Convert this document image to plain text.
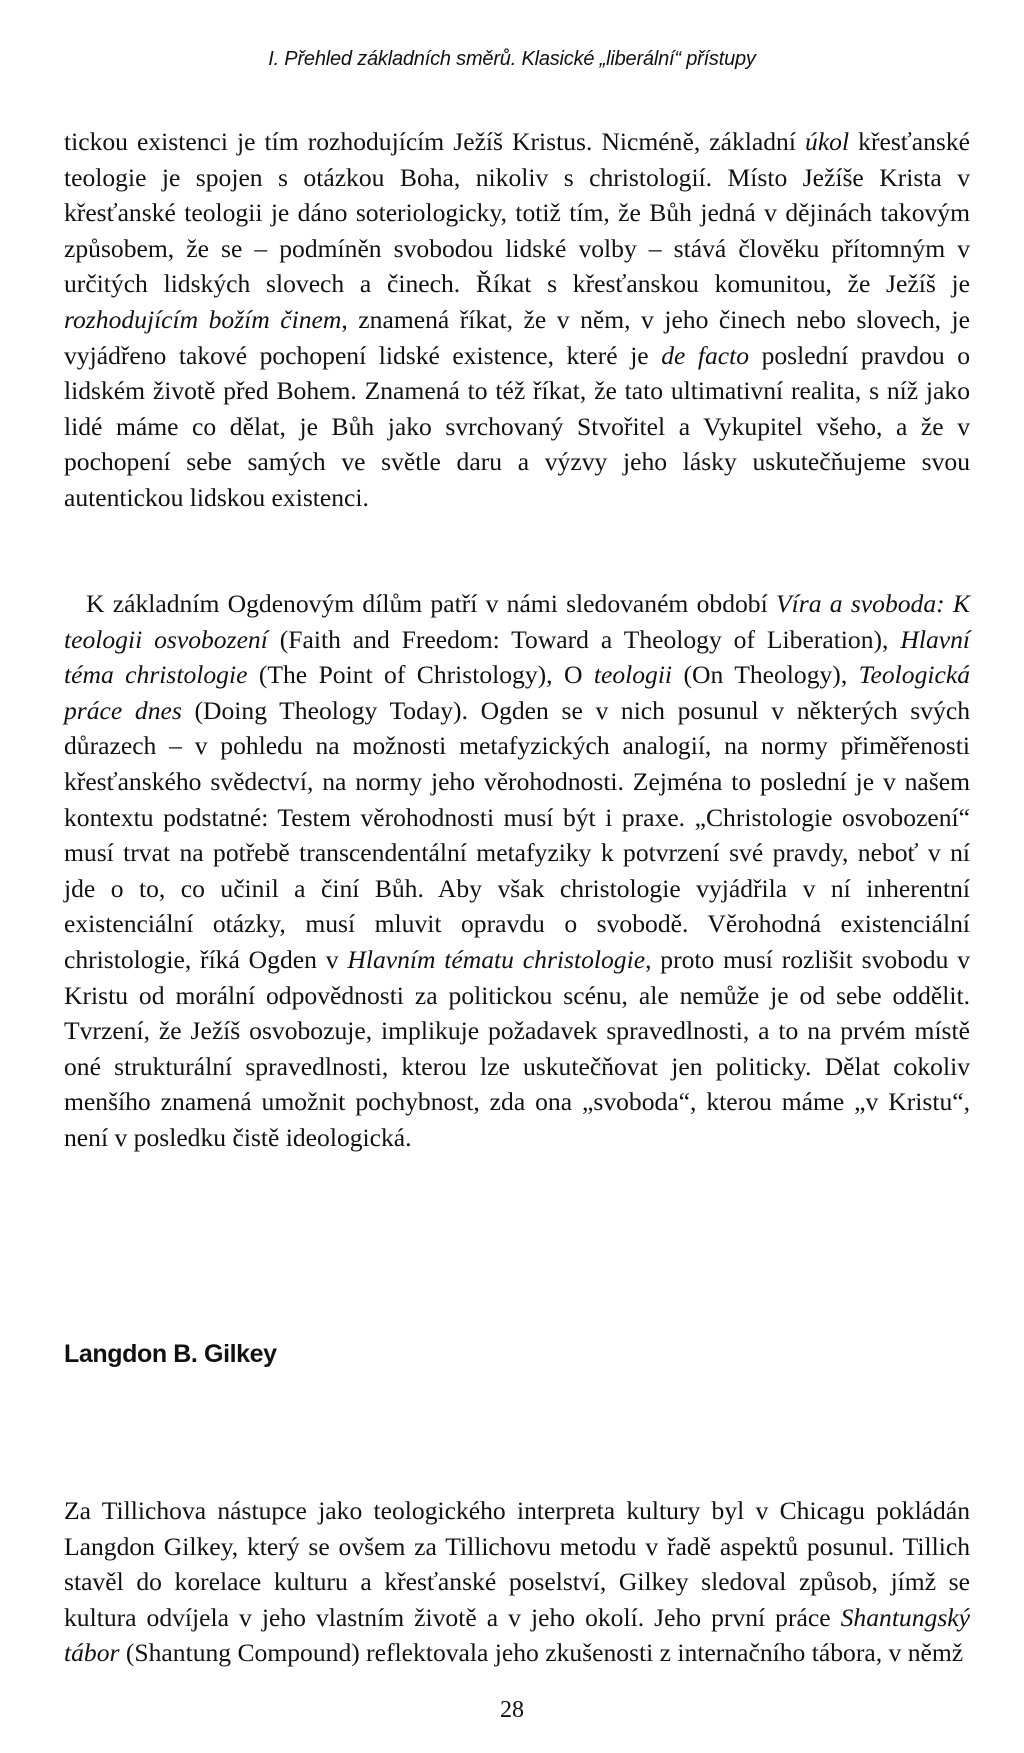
I. Přehled základních směrů. Klasické „liberální“ přístupy

tickou existenci je tím rozhodujícím Ježíš Kristus. Nicméně, základní úkol křesťanské teologie je spojen s otázkou Boha, nikoliv s christologií. Místo Ježíše Krista v křesťanské teologii je dáno soteriologicky, totiž tím, že Bůh jedná v dějinách takovým způsobem, že se – podmíněn svobodou lidské volby – stává člověku přítomným v určitých lidských slovech a činech. Říkat s křesťanskou komunitou, že Ježíš je rozhodujícím božím činem, znamená říkat, že v něm, v jeho činech nebo slovech, je vyjádřeno takové pochopení lidské existence, které je de facto poslední pravdou o lidském životě před Bohem. Znamená to též říkat, že tato ultimativní realita, s níž jako lidé máme co dělat, je Bůh jako svrchovaný Stvořitel a Vykupitel všeho, a že v pochopení sebe samých ve světle daru a výzvy jeho lásky uskutečňujeme svou autentickou lidskou existenci.

K základním Ogdenovým dílům patří v námi sledovaném období Víra a svoboda: K teologii osvobození (Faith and Freedom: Toward a Theology of Liberation), Hlavní téma christologie (The Point of Christology), O teologii (On Theology), Teologická práce dnes (Doing Theology Today). Ogden se v nich posunul v některých svých důrazech – v pohledu na možnosti metafyzických analogií, na normy přiměřenosti křesťanského svědectví, na normy jeho věrohodnosti. Zejména to poslední je v našem kontextu podstatné: Testem věrohodnosti musí být i praxe. „Christologie osvobození“ musí trvat na potřebě transcendentální metafyziky k potvrzení své pravdy, neboť v ní jde o to, co učinil a činí Bůh. Aby však christologie vyjádřila v ní inherentní existenciální otázky, musí mluvit opravdu o svobodě. Věrohodná existenciální christologie, říká Ogden v Hlavním tématu christologie, proto musí rozlišit svobodu v Kristu od morální odpovědnosti za politickou scénu, ale nemůže je od sebe oddělit. Tvrzení, že Ježíš osvobozuje, implikuje požadavek spravedlnosti, a to na prvém místě oné strukturální spravedlnosti, kterou lze uskutečňovat jen politicky. Dělat cokoliv menšího znamená umožnit pochybnost, zda ona „svoboda“, kterou máme „v Kristu“, není v posledku čistě ideologická.

Langdon B. Gilkey

Za Tillichova nástupce jako teologického interpreta kultury byl v Chicagu pokládán Langdon Gilkey, který se ovšem za Tillichovu metodu v řadě aspektů posunul. Tillich stavěl do korelace kulturu a křesťanské poselství, Gilkey sledoval způsob, jímž se kultura odvíjela v jeho vlastním životě a v jeho okolí. Jeho první práce Shantungský tábor (Shantung Compound) reflektovala jeho zkušenosti z internačního tábora, v němž

28
